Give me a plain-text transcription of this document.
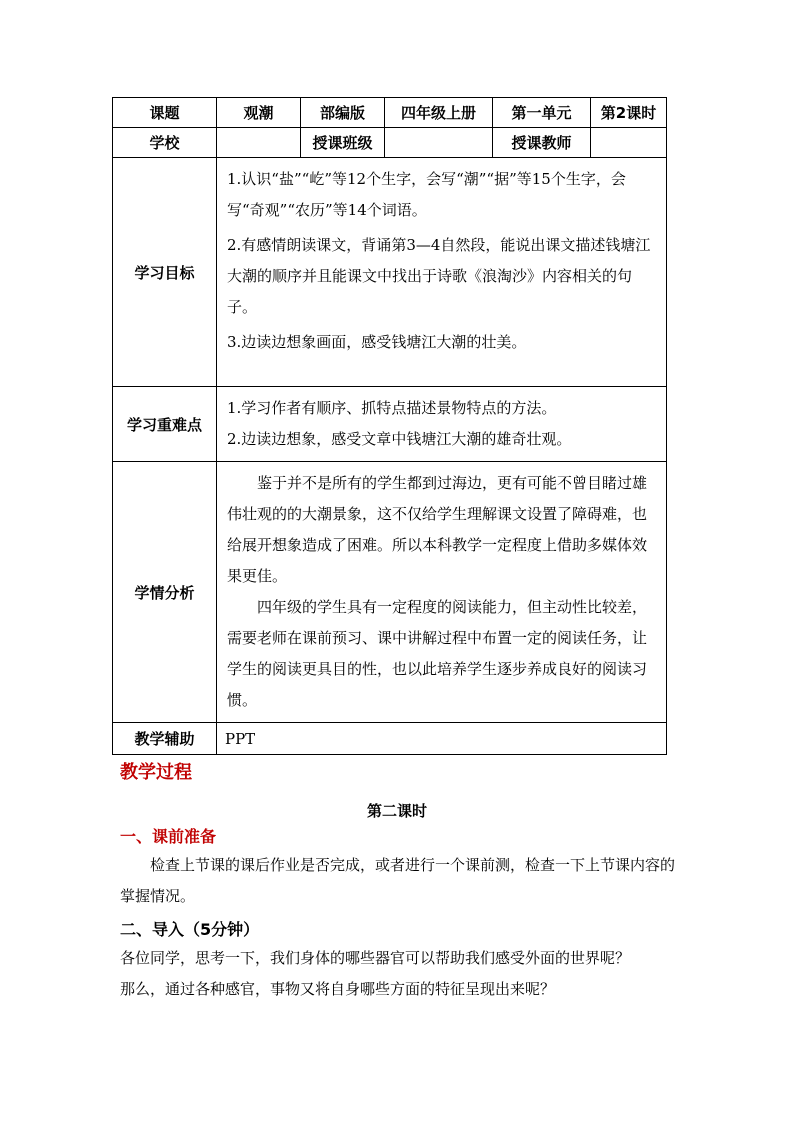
课题	观潮	部编版	四年级上册	第一单元	第2课时
学校		授课班级		授课教师	
学习目标	1.认识“盐”“屹”等12个生字，会写“潮”“据”等15个生字，会写“奇观”“农历”等14个词语。

2.有感情朗读课文，背诵第3—4自然段，能说出课文描述钱塘江大潮的顺序并且能课文中找出于诗歌《浪淘沙》内容相关的句子。

3.边读边想象画面，感受钱塘江大潮的壮美。				

学习重难点	1.学习作者有顺序、抓特点描述景物特点的方法。

2.边读边想象，感受文章中钱塘江大潮的雄奇壮观。				

学情分析	鉴于并不是所有的学生都到过海边，更有可能不曾目睹过雄伟壮观的的大潮景象，这不仅给学生理解课文设置了障碍难，也给展开想象造成了困难。所以本科教学一定程度上借助多媒体效果更佳。

四年级的学生具有一定程度的阅读能力，但主动性比较差，需要老师在课前预习、课中讲解过程中布置一定的阅读任务，让学生的阅读更具目的性，也以此培养学生逐步养成良好的阅读习惯。				

教学辅助	PPT				
教学过程
第二课时
一、课前准备
检查上节课的课后作业是否完成，或者进行一个课前测，检查一下上节课内容的掌握情况。
二、导入（5分钟）

各位同学，思考一下，我们身体的哪些器官可以帮助我们感受外面的世界呢？

那么，通过各种感官，事物又将自身哪些方面的特征呈现出来呢？
